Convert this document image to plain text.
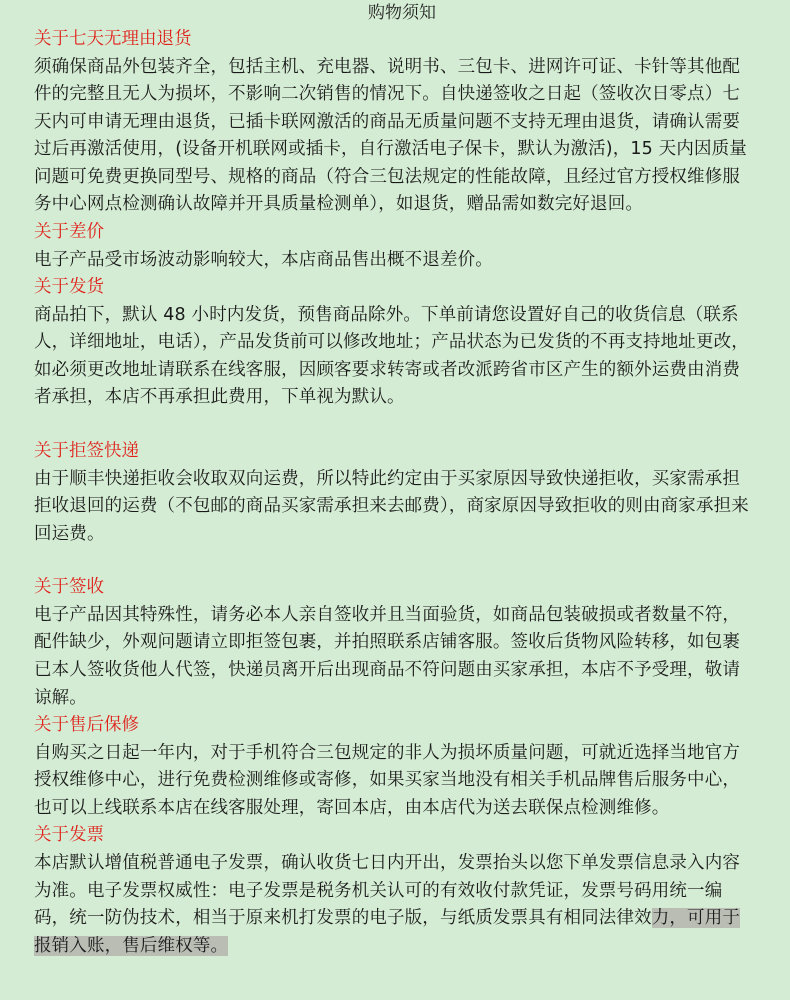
购物须知
关于七天无理由退货
须确保商品外包装齐全，包括主机、充电器、说明书、三包卡、进网许可证、卡针等其他配件的完整且无人为损坏，不影响二次销售的情况下。自快递签收之日起（签收次日零点）七天内可申请无理由退货，已插卡联网激活的商品无质量问题不支持无理由退货，请确认需要过后再激活使用，(设备开机联网或插卡，自行激活电子保卡，默认为激活)，15 天内因质量问题可免费更换同型号、规格的商品（符合三包法规定的性能故障，且经过官方授权维修服务中心网点检测确认故障并开具质量检测单），如退货，赠品需如数完好退回。
关于差价
电子产品受市场波动影响较大，本店商品售出概不退差价。
关于发货
商品拍下，默认 48 小时内发货，预售商品除外。下单前请您设置好自己的收货信息（联系人，详细地址，电话），产品发货前可以修改地址；产品状态为已发货的不再支持地址更改，如必须更改地址请联系在线客服，因顾客要求转寄或者改派跨省市区产生的额外运费由消费者承担，本店不再承担此费用，下单视为默认。
关于拒签快递
由于顺丰快递拒收会收取双向运费，所以特此约定由于买家原因导致快递拒收，买家需承担拒收退回的运费（不包邮的商品买家需承担来去邮费），商家原因导致拒收的则由商家承担来回运费。
关于签收
电子产品因其特殊性，请务必本人亲自签收并且当面验货，如商品包装破损或者数量不符，配件缺少，外观问题请立即拒签包裹，并拍照联系店铺客服。签收后货物风险转移，如包裹已本人签收货他人代签，快递员离开后出现商品不符问题由买家承担，本店不予受理，敬请谅解。
关于售后保修
自购买之日起一年内，对于手机符合三包规定的非人为损坏质量问题，可就近选择当地官方授权维修中心，进行免费检测维修或寄修，如果买家当地没有相关手机品牌售后服务中心，也可以上线联系本店在线客服处理，寄回本店，由本店代为送去联保点检测维修。
关于发票
本店默认增值税普通电子发票，确认收货七日内开出，发票抬头以您下单发票信息录入内容为准。电子发票权威性：电子发票是税务机关认可的有效收付款凭证，发票号码用统一编码，统一防伪技术，相当于原来机打发票的电子版，与纸质发票具有相同法律效力，可用于报销入账，售后维权等。
